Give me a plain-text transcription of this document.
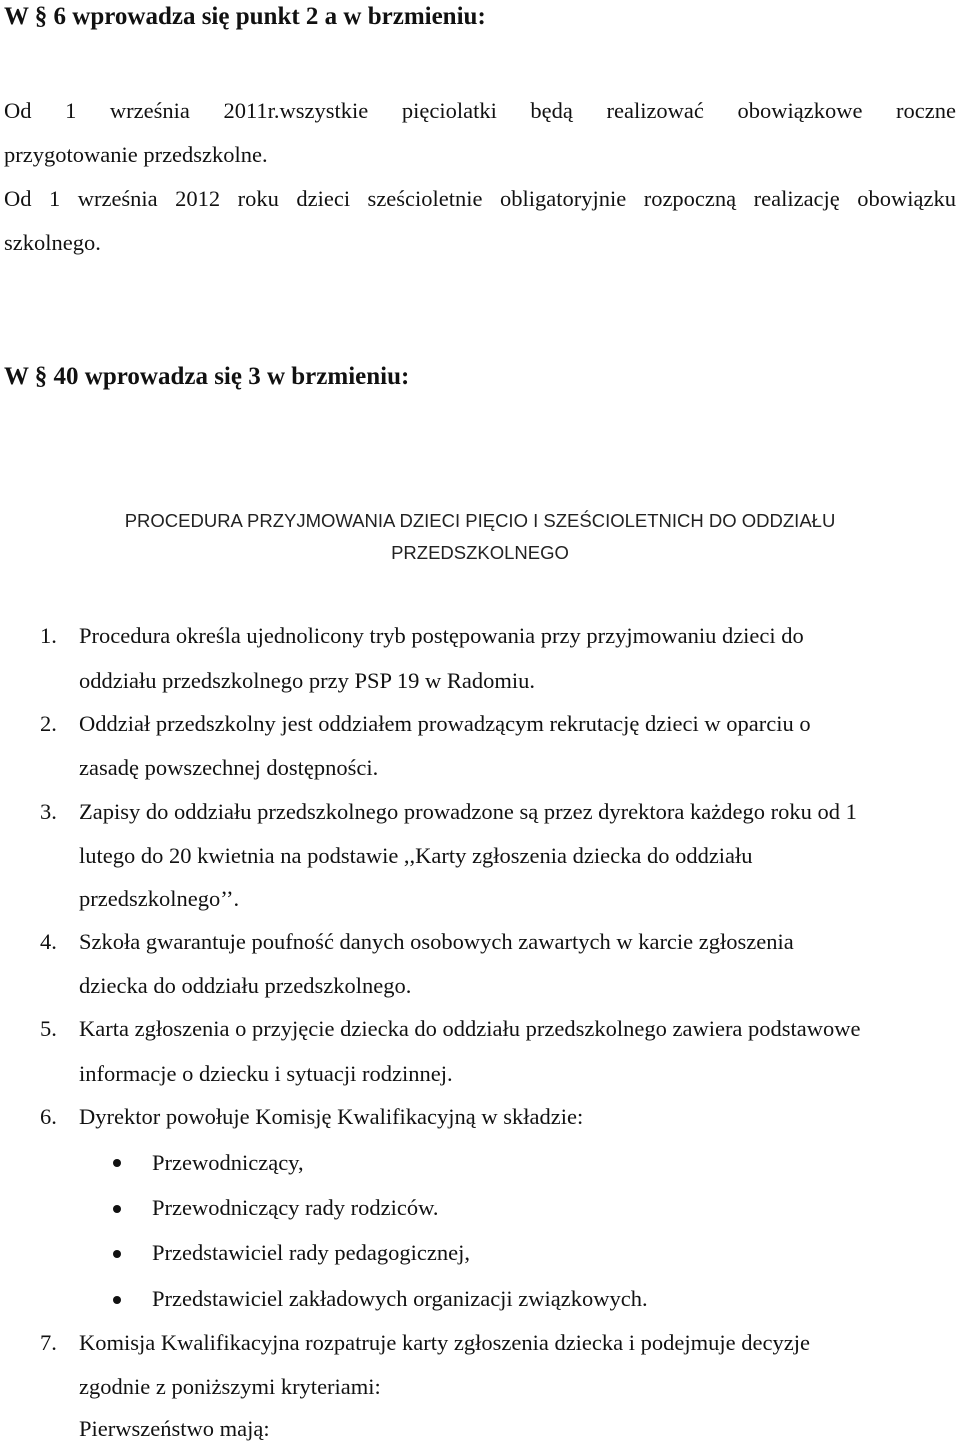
W § 6 wprowadza się punkt 2 a w brzmieniu:
Od 1 września 2011r.wszystkie pięciolatki będą realizować obowiązkowe roczne
przygotowanie przedszkolne.
Od 1 września 2012 roku dzieci sześcioletnie obligatoryjnie rozpoczną realizację obowiązku
szkolnego.
W § 40 wprowadza się 3 w brzmieniu:
PROCEDURA PRZYJMOWANIA DZIECI PIĘCIO I SZEŚCIOLETNICH DO ODDZIAŁU
PRZEDSZKOLNEGO
1. Procedura określa ujednolicony tryb postępowania przy przyjmowaniu dzieci do
oddziału przedszkolnego przy PSP 19 w Radomiu.
2. Oddział przedszkolny jest oddziałem prowadzącym rekrutację dzieci w oparciu o
zasadę powszechnej dostępności.
3. Zapisy do oddziału przedszkolnego prowadzone są przez dyrektora każdego roku od 1
lutego do 20 kwietnia na podstawie ,,Karty zgłoszenia dziecka do oddziału
przedszkolnego’’.
4. Szkoła gwarantuje poufność danych osobowych zawartych w karcie zgłoszenia
dziecka do oddziału przedszkolnego.
5. Karta zgłoszenia o przyjęcie dziecka do oddziału przedszkolnego zawiera podstawowe
informacje o dziecku i sytuacji rodzinnej.
6. Dyrektor powołuje Komisję Kwalifikacyjną w składzie:
Przewodniczący,
Przewodniczący rady rodziców.
Przedstawiciel rady pedagogicznej,
Przedstawiciel zakładowych organizacji związkowych.
7. Komisja Kwalifikacyjna rozpatruje karty zgłoszenia dziecka i podejmuje decyzje
zgodnie z poniższymi kryteriami:
Pierwszeństwo mają:
